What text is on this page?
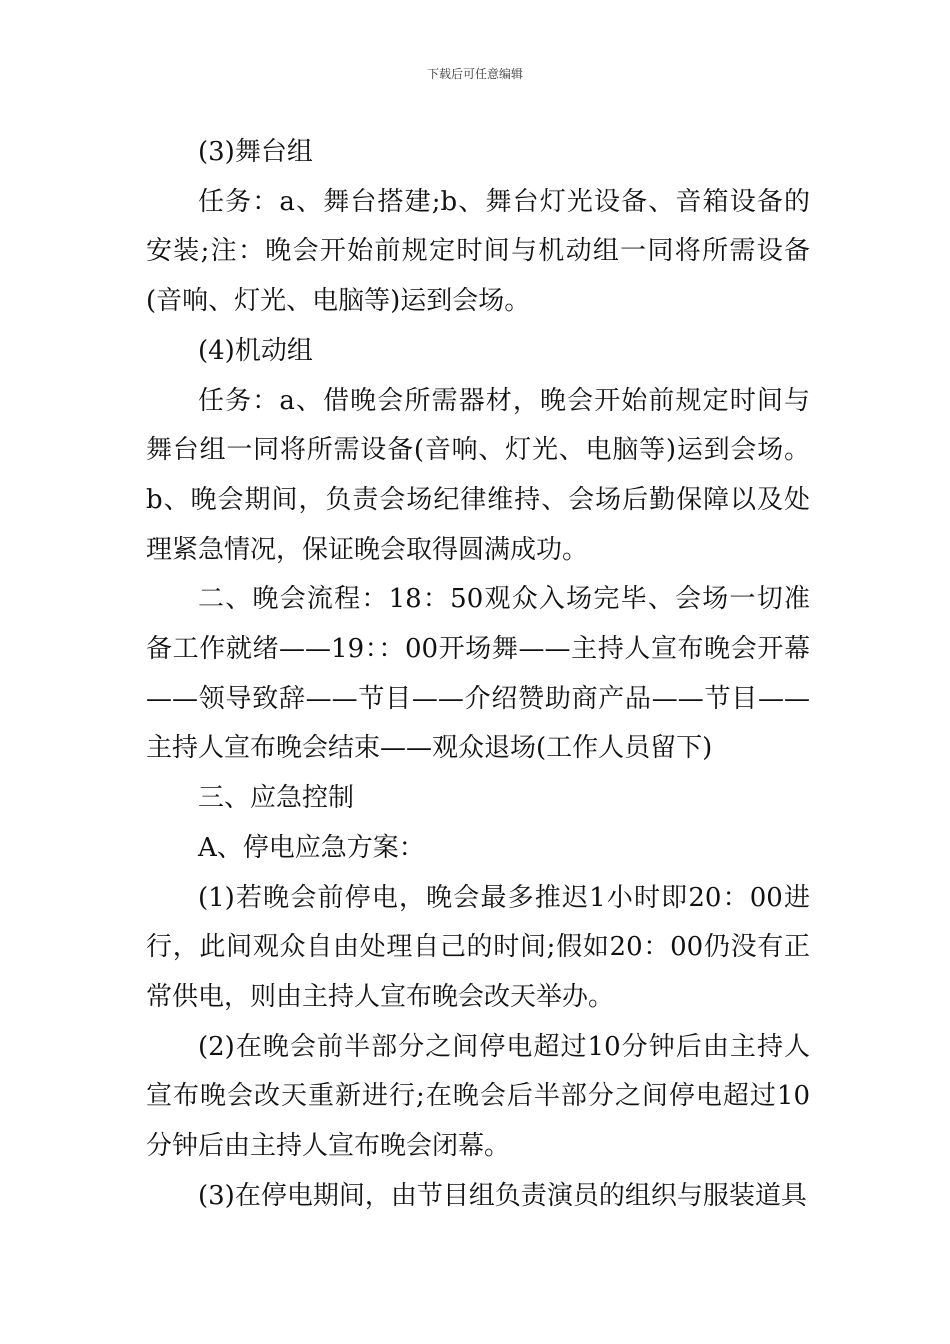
下载后可任意编辑

(3)舞台组

任务：a、舞台搭建;b、舞台灯光设备、音箱设备的安装;注：晚会开始前规定时间与机动组一同将所需设备(音响、灯光、电脑等)运到会场。

(4)机动组

任务：a、借晚会所需器材，晚会开始前规定时间与舞台组一同将所需设备(音响、灯光、电脑等)运到会场。b、晚会期间，负责会场纪律维持、会场后勤保障以及处理紧急情况，保证晚会取得圆满成功。

二、晚会流程：18：50观众入场完毕、会场一切准备工作就绪——19：：00开场舞——主持人宣布晚会开幕——领导致辞——节目——介绍赞助商产品——节目——主持人宣布晚会结束——观众退场(工作人员留下)

三、应急控制

A、停电应急方案：

(1)若晚会前停电，晚会最多推迟1小时即20：00进行，此间观众自由处理自己的时间;假如20：00仍没有正常供电，则由主持人宣布晚会改天举办。

(2)在晚会前半部分之间停电超过10分钟后由主持人宣布晚会改天重新进行;在晚会后半部分之间停电超过10分钟后由主持人宣布晚会闭幕。

(3)在停电期间，由节目组负责演员的组织与服装道具
